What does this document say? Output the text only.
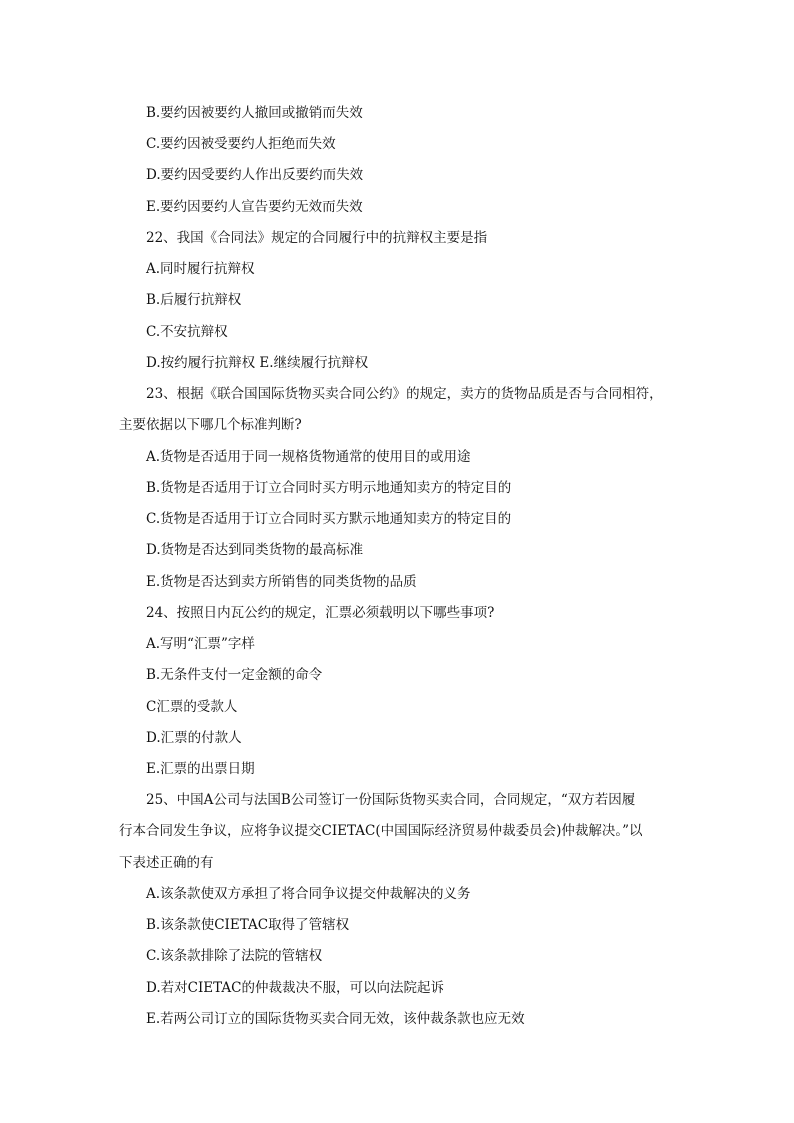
B.要约因被要约人撤回或撤销而失效
C.要约因被受要约人拒绝而失效
D.要约因受要约人作出反要约而失效
E.要约因要约人宣告要约无效而失效
22、我国《合同法》规定的合同履行中的抗辩权主要是指
A.同时履行抗辩权
B.后履行抗辩权
C.不安抗辩权
D.按约履行抗辩权 E.继续履行抗辩权
23、根据《联合国国际货物买卖合同公约》的规定，卖方的货物品质是否与合同相符，
主要依据以下哪几个标准判断?
A.货物是否适用于同一规格货物通常的使用目的或用途
B.货物是否适用于订立合同时买方明示地通知卖方的特定目的
C.货物是否适用于订立合同时买方默示地通知卖方的特定目的
D.货物是否达到同类货物的最高标准
E.货物是否达到卖方所销售的同类货物的品质
24、按照日内瓦公约的规定，汇票必须载明以下哪些事项?
A.写明“汇票”字样
B.无条件支付一定金额的命令
C汇票的受款人
D.汇票的付款人
E.汇票的出票日期
25、中国A公司与法国B公司签订一份国际货物买卖合同，合同规定，“双方若因履
行本合同发生争议，应将争议提交CIETAC(中国国际经济贸易仲裁委员会)仲裁解决。”以
下表述正确的有
A.该条款使双方承担了将合同争议提交仲裁解决的义务
B.该条款使CIETAC取得了管辖权
C.该条款排除了法院的管辖权
D.若对CIETAC的仲裁裁决不服，可以向法院起诉
E.若两公司订立的国际货物买卖合同无效，该仲裁条款也应无效
